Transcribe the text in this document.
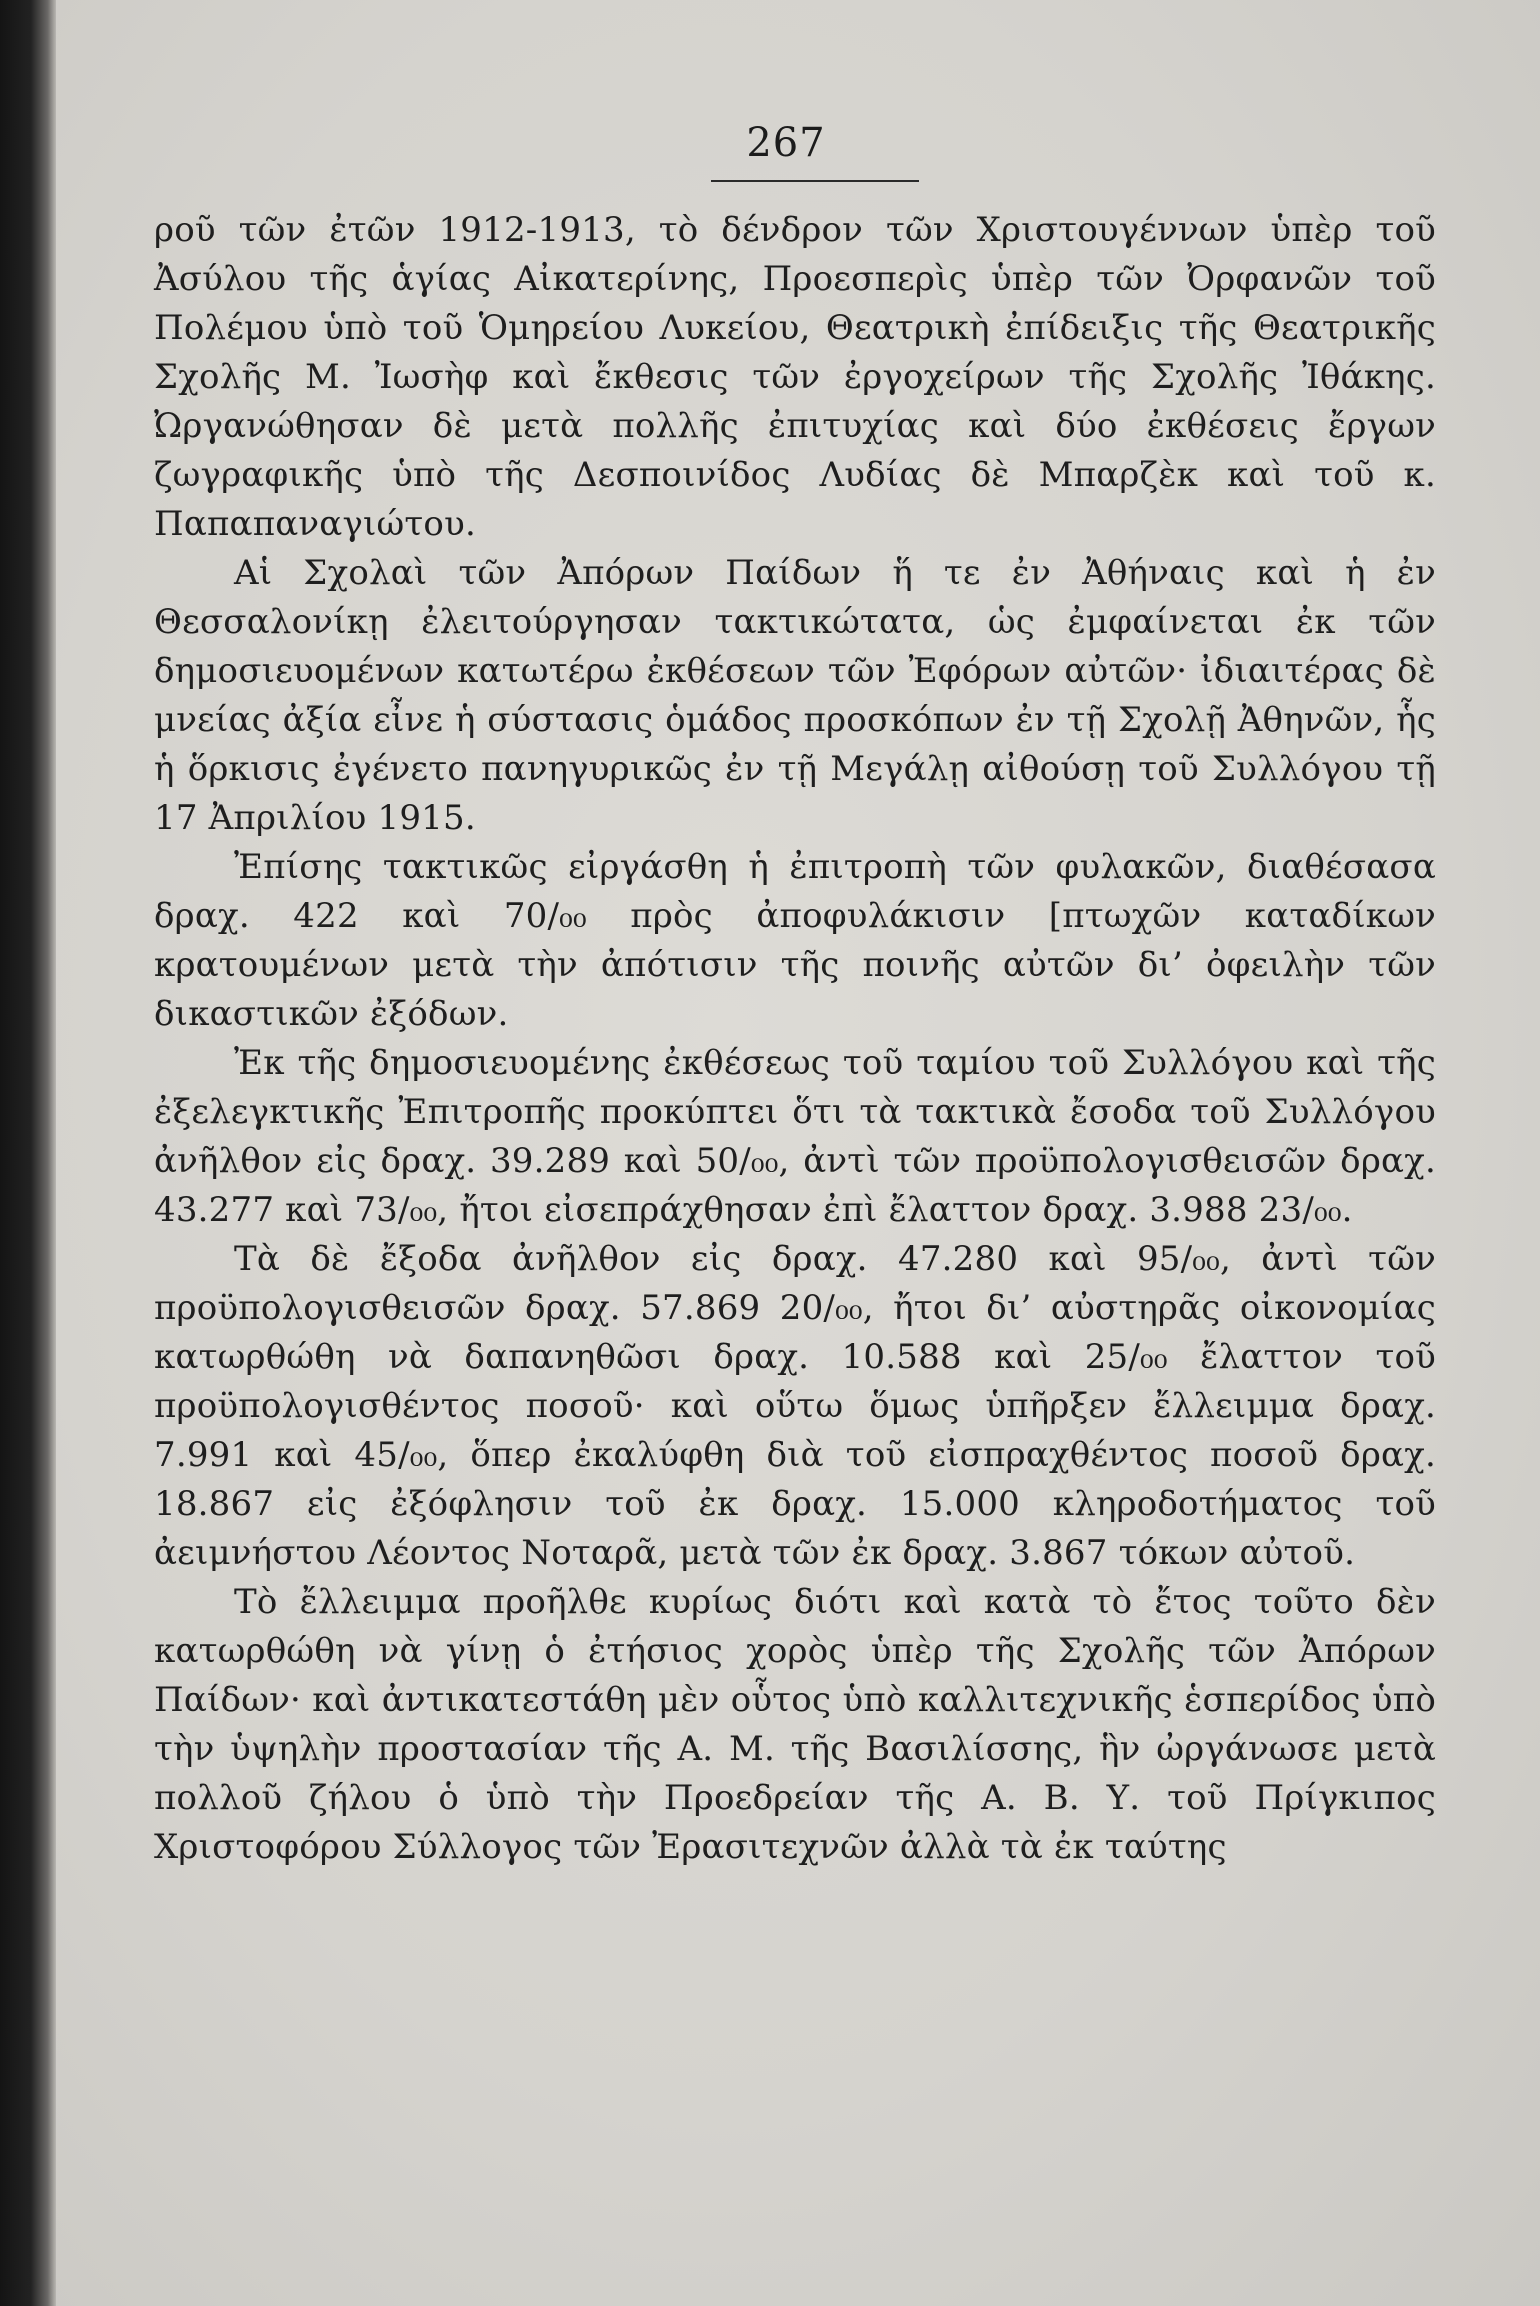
267

ροῦ τῶν ἐτῶν 1912-1913, τὸ δένδρον τῶν Χριστουγέννων ὑπὲρ τοῦ Ἀσύλου τῆς ἁγίας Αἰκατερίνης, Προεσπερὶς ὑπὲρ τῶν Ὀρφανῶν τοῦ Πολέμου ὑπὸ τοῦ Ὁμηρείου Λυκείου, Θεατρικὴ ἐπίδειξις τῆς Θεατρικῆς Σχολῆς Μ. Ἰωσὴφ καὶ ἔκθεσις τῶν ἐργοχείρων τῆς Σχολῆς Ἰθάκης. Ὠργανώθησαν δὲ μετὰ πολλῆς ἐπιτυχίας καὶ δύο ἐκθέσεις ἔργων ζωγραφικῆς ὑπὸ τῆς Δεσποινίδος Λυδίας δὲ Μπαρζὲκ καὶ τοῦ κ. Παπαπαναγιώτου.

Αἱ Σχολαὶ τῶν Ἀπόρων Παίδων ἥ τε ἐν Ἀθήναις καὶ ἡ ἐν Θεσσαλονίκῃ ἐλειτούργησαν τακτικώτατα, ὡς ἐμφαίνεται ἐκ τῶν δημοσιευομένων κατωτέρω ἐκθέσεων τῶν Ἐφόρων αὐτῶν· ἰδιαιτέρας δὲ μνείας ἀξία εἶνε ἡ σύστασις ὁμάδος προσκόπων ἐν τῇ Σχολῇ Ἀθηνῶν, ἧς ἡ ὅρκισις ἐγένετο πανηγυρικῶς ἐν τῇ Μεγάλῃ αἰθούσῃ τοῦ Συλλόγου τῇ 17 Ἀπριλίου 1915.

Ἐπίσης τακτικῶς εἰργάσθη ἡ ἐπιτροπὴ τῶν φυλακῶν, διαθέσασα δραχ. 422 καὶ 70/₀₀ πρὸς ἀποφυλάκισιν [πτωχῶν καταδίκων κρατουμένων μετὰ τὴν ἀπότισιν τῆς ποινῆς αὐτῶν δι’ ὀφειλὴν τῶν δικαστικῶν ἐξόδων.

Ἐκ τῆς δημοσιευομένης ἐκθέσεως τοῦ ταμίου τοῦ Συλλόγου καὶ τῆς ἐξελεγκτικῆς Ἐπιτροπῆς προκύπτει ὅτι τὰ τακτικὰ ἔσοδα τοῦ Συλλόγου ἀνῆλθον εἰς δραχ. 39.289 καὶ 50/₀₀, ἀντὶ τῶν προϋπολογισθεισῶν δραχ. 43.277 καὶ 73/₀₀, ἤτοι εἰσεπράχθησαν ἐπὶ ἔλαττον δραχ. 3.988 23/₀₀.

Τὰ δὲ ἔξοδα ἀνῆλθον εἰς δραχ. 47.280 καὶ 95/₀₀, ἀντὶ τῶν προϋπολογισθεισῶν δραχ. 57.869 20/₀₀, ἤτοι δι’ αὐστηρᾶς οἰκονομίας κατωρθώθη νὰ δαπανηθῶσι δραχ. 10.588 καὶ 25/₀₀ ἔλαττον τοῦ προϋπολογισθέντος ποσοῦ· καὶ οὕτω ὅμως ὑπῆρξεν ἔλλειμμα δραχ. 7.991 καὶ 45/₀₀, ὅπερ ἐκαλύφθη διὰ τοῦ εἰσπραχθέντος ποσοῦ δραχ. 18.867 εἰς ἐξόφλησιν τοῦ ἐκ δραχ. 15.000 κληροδοτήματος τοῦ ἀειμνήστου Λέοντος Νοταρᾶ, μετὰ τῶν ἐκ δραχ. 3.867 τόκων αὐτοῦ.

Τὸ ἔλλειμμα προῆλθε κυρίως διότι καὶ κατὰ τὸ ἔτος τοῦτο δὲν κατωρθώθη νὰ γίνῃ ὁ ἐτήσιος χορὸς ὑπὲρ τῆς Σχολῆς τῶν Ἀπόρων Παίδων· καὶ ἀντικατεστάθη μὲν οὗτος ὑπὸ καλλιτεχνικῆς ἑσπερίδος ὑπὸ τὴν ὑψηλὴν προστασίαν τῆς Α. Μ. τῆς Βασιλίσσης, ἣν ὠργάνωσε μετὰ πολλοῦ ζήλου ὁ ὑπὸ τὴν Προεδρείαν τῆς Α. Β. Υ. τοῦ Πρίγκιπος Χριστοφόρου Σύλλογος τῶν Ἐρασιτεχνῶν ἀλλὰ τὰ ἐκ ταύτης
